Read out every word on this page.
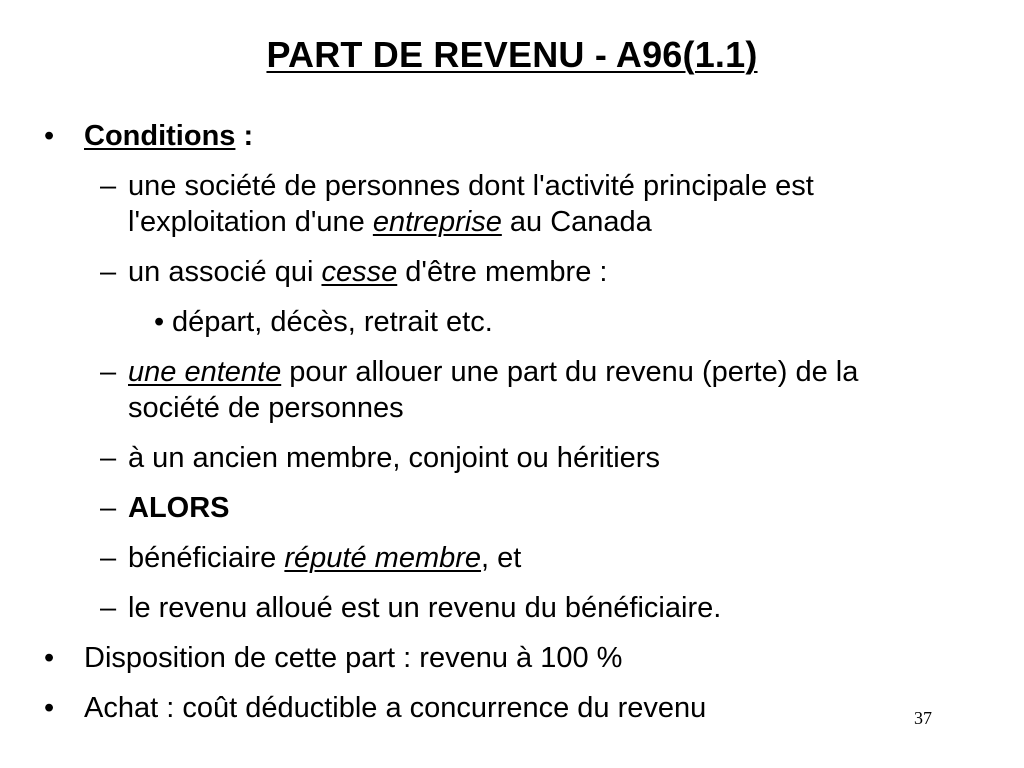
PART DE REVENU - A96(1.1)
• Conditions :
– une société de personnes dont l'activité principale est l'exploitation d'une entreprise au Canada
– un associé qui cesse d'être membre :
• départ, décès, retrait etc.
– une entente pour allouer une part du revenu (perte) de la société de personnes
– à un ancien membre, conjoint ou héritiers
– ALORS
– bénéficiaire réputé membre, et
– le revenu alloué est un revenu du bénéficiaire.
• Disposition de cette part : revenu à 100 %
• Achat : coût déductible a concurrence du revenu	37
